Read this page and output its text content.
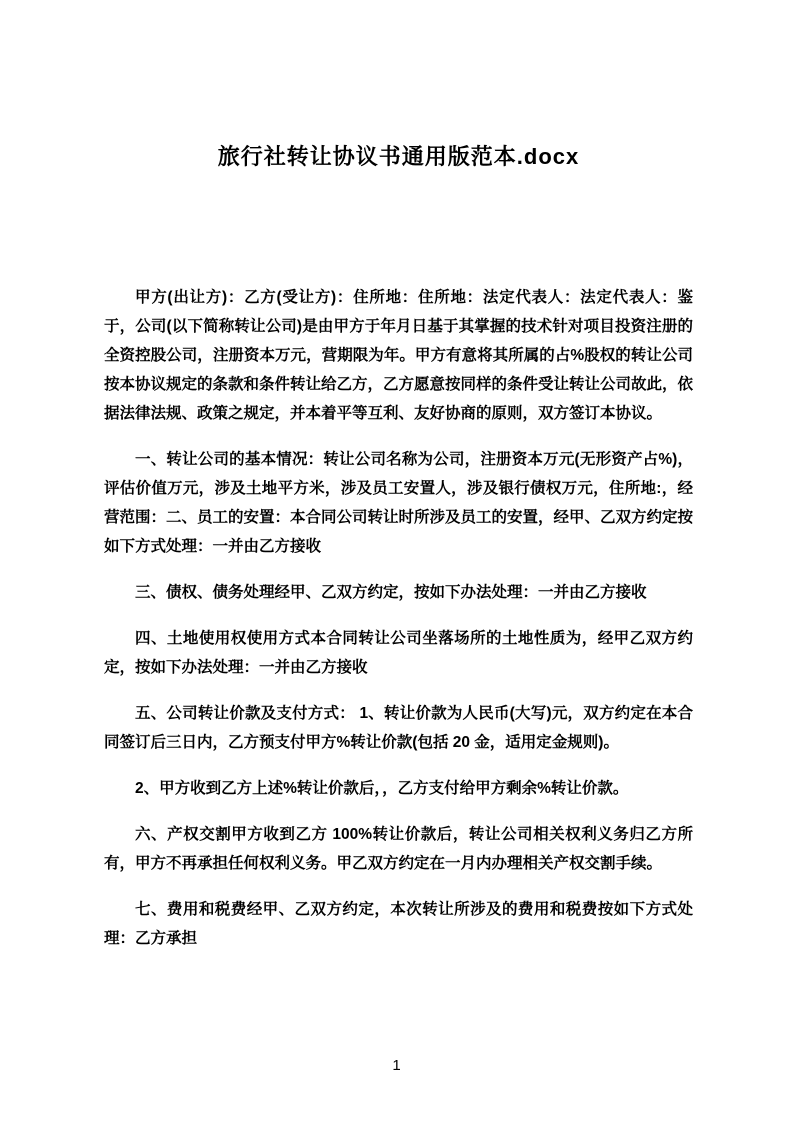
旅行社转让协议书通用版范本.docx

甲方(出让方)：乙方(受让方)：住所地：住所地：法定代表人：法定代表人：鉴于，公司(以下简称转让公司)是由甲方于年月日基于其掌握的技术针对项目投资注册的全资控股公司，注册资本万元，营期限为年。甲方有意将其所属的占%股权的转让公司按本协议规定的条款和条件转让给乙方，乙方愿意按同样的条件受让转让公司故此，依据法律法规、政策之规定，并本着平等互利、友好协商的原则，双方签订本协议。

一、转让公司的基本情况：转让公司名称为公司，注册资本万元(无形资产占%)，评估价值万元，涉及土地平方米，涉及员工安置人，涉及银行债权万元，住所地:，经营范围：二、员工的安置：本合同公司转让时所涉及员工的安置，经甲、乙双方约定按如下方式处理：一并由乙方接收

三、债权、债务处理经甲、乙双方约定，按如下办法处理：一并由乙方接收

四、土地使用权使用方式本合同转让公司坐落场所的土地性质为，经甲乙双方约定，按如下办法处理：一并由乙方接收

五、公司转让价款及支付方式： 1、转让价款为人民币(大写)元，双方约定在本合同签订后三日内，乙方预支付甲方%转让价款(包括 20 金，适用定金规则)。

2、甲方收到乙方上述%转让价款后，，乙方支付给甲方剩余%转让价款。

六、产权交割甲方收到乙方 100%转让价款后，转让公司相关权利义务归乙方所有，甲方不再承担任何权利义务。甲乙双方约定在一月内办理相关产权交割手续。

七、费用和税费经甲、乙双方约定，本次转让所涉及的费用和税费按如下方式处理：乙方承担

1
